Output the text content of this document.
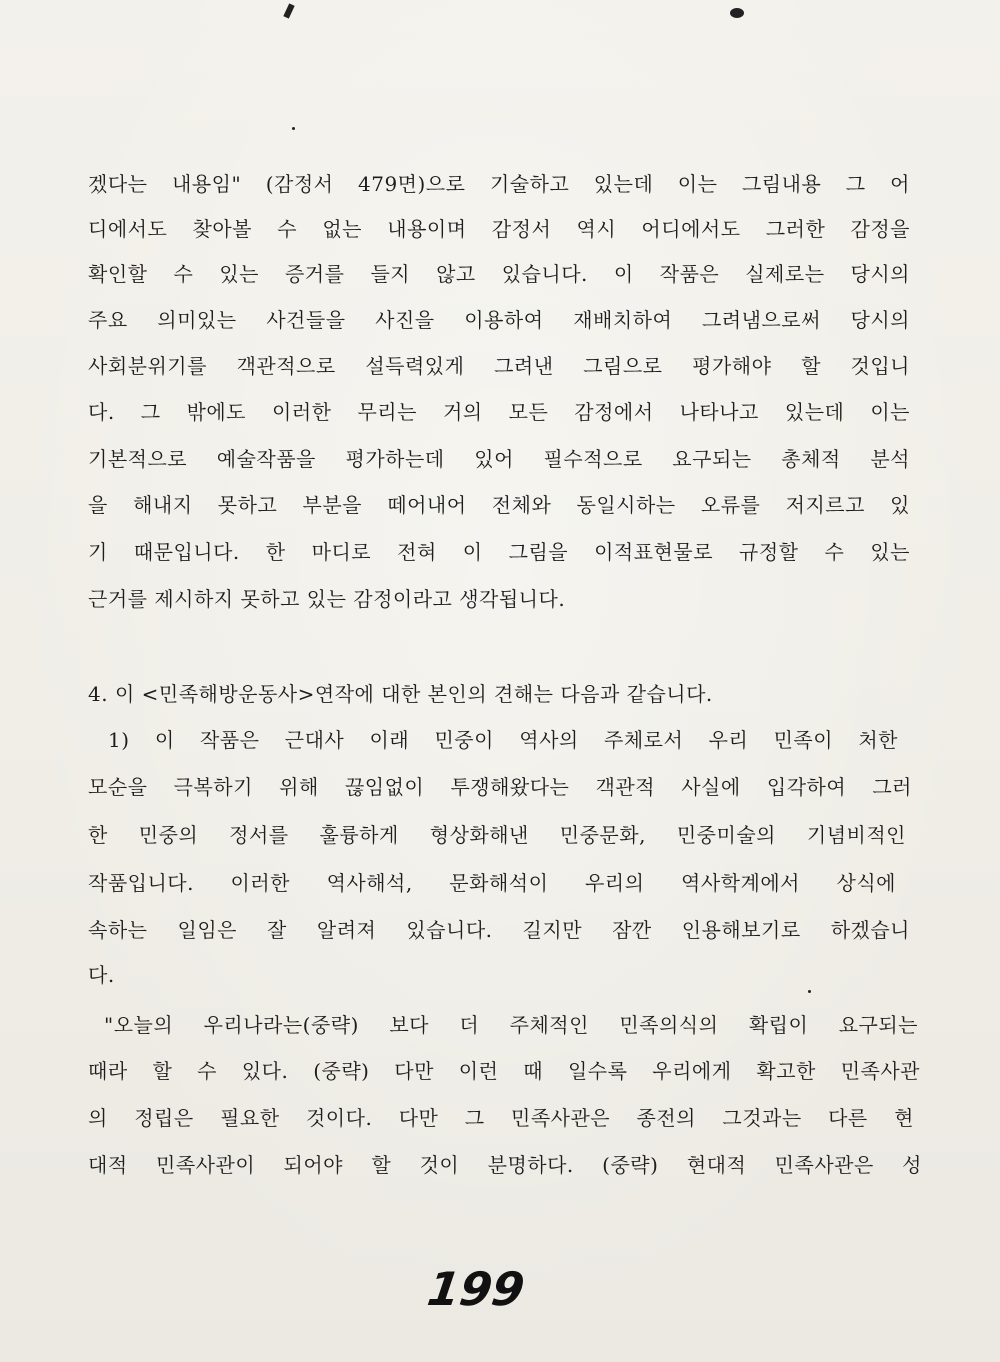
겠다는 내용임" (감정서 479면)으로 기술하고 있는데 이는 그림내용 그 어
디에서도 찾아볼 수 없는 내용이며 감정서 역시 어디에서도 그러한 감정을
확인할 수 있는 증거를 들지 않고 있습니다. 이 작품은 실제로는 당시의
주요 의미있는 사건들을 사진을 이용하여 재배치하여 그려냄으로써 당시의
사회분위기를 객관적으로 설득력있게 그려낸 그림으로 평가해야 할 것입니
다. 그 밖에도 이러한 무리는 거의 모든 감정에서 나타나고 있는데 이는
기본적으로 예술작품을 평가하는데 있어 필수적으로 요구되는 총체적 분석
을 해내지 못하고 부분을 떼어내어 전체와 동일시하는 오류를 저지르고 있
기 때문입니다. 한 마디로 전혀 이 그림을 이적표현물로 규정할 수 있는
근거를 제시하지 못하고 있는 감정이라고 생각됩니다.
4. 이 <민족해방운동사>연작에 대한 본인의 견해는 다음과 같습니다.
1) 이 작품은 근대사 이래 민중이 역사의 주체로서 우리 민족이 처한
모순을 극복하기 위해 끊임없이 투쟁해왔다는 객관적 사실에 입각하여 그러
한 민중의 정서를 훌륭하게 형상화해낸 민중문화, 민중미술의 기념비적인
작품입니다. 이러한 역사해석, 문화해석이 우리의 역사학계에서 상식에
속하는 일임은 잘 알려져 있습니다. 길지만 잠깐 인용해보기로 하겠습니
다.
"오늘의 우리나라는(중략) 보다 더 주체적인 민족의식의 확립이 요구되는
때라 할 수 있다. (중략) 다만 이런 때 일수록 우리에게 확고한 민족사관
의 정립은 필요한 것이다. 다만 그 민족사관은 종전의 그것과는 다른 현
대적 민족사관이 되어야 할 것이 분명하다. (중략) 현대적 민족사관은 성
199
